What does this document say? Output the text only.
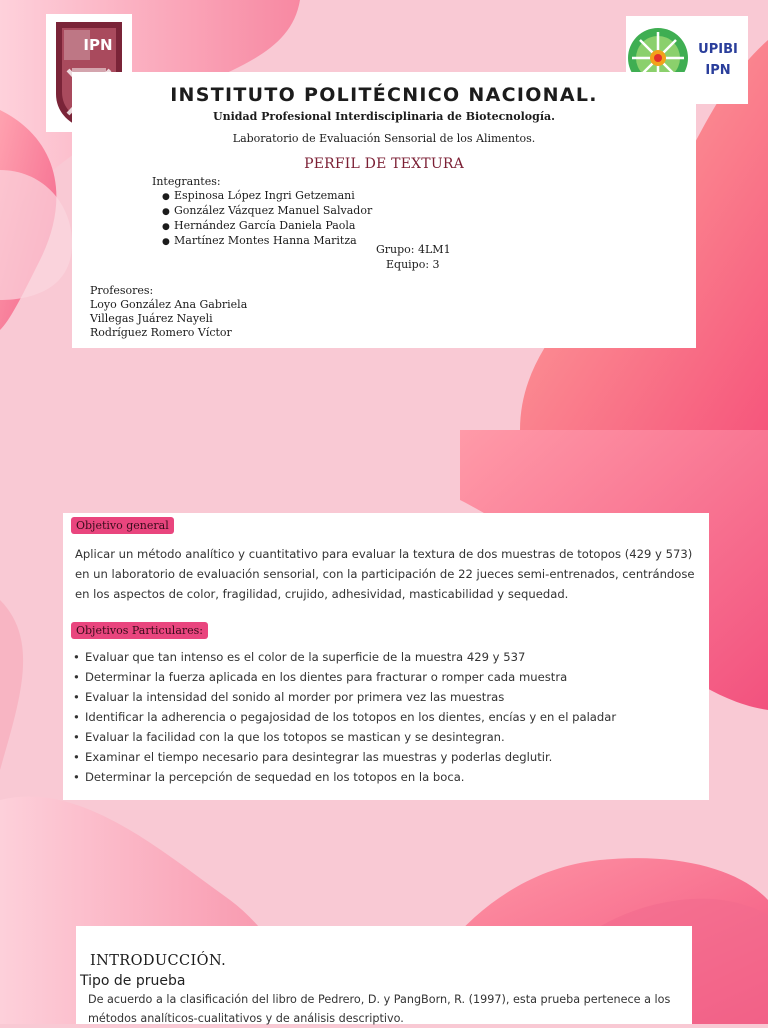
IPN	UPIBI
IPN
INSTITUTO POLITÉCNICO NACIONAL.
Unidad Profesional Interdisciplinaria de Biotecnología.
Laboratorio de Evaluación Sensorial de los Alimentos.
PERFIL DE TEXTURA
Integrantes:
● Espinosa López Ingri Getzemani
● González Vázquez Manuel Salvador
● Hernández García Daniela Paola
● Martínez Montes Hanna Maritza
Grupo: 4LM1
Equipo: 3
Profesores:
Loyo González Ana Gabriela
Villegas Juárez Nayeli
Rodríguez Romero Víctor
Objetivo general
Aplicar un método analítico y cuantitativo para evaluar la textura de dos muestras de totopos (429 y 573) en un laboratorio de evaluación sensorial, con la participación de 22 jueces semi-entrenados, centrándose en los aspectos de color, fragilidad, crujido, adhesividad, masticabilidad y sequedad.
Objetivos Particulares:
• Evaluar que tan intenso es el color de la superficie de la muestra 429 y 537
• Determinar la fuerza aplicada en los dientes para fracturar o romper cada muestra
• Evaluar la intensidad del sonido al morder por primera vez las muestras
• Identificar la adherencia o pegajosidad de los totopos en los dientes, encías y en el paladar
• Evaluar la facilidad con la que los totopos se mastican y se desintegran.
• Examinar el tiempo necesario para desintegrar las muestras y poderlas deglutir.
• Determinar la percepción de sequedad en los totopos en la boca.
INTRODUCCIÓN.
Tipo de prueba
De acuerdo a la clasificación del libro de Pedrero, D. y PangBorn, R. (1997), esta prueba pertenece a los métodos analíticos-cualitativos y de análisis descriptivo.
